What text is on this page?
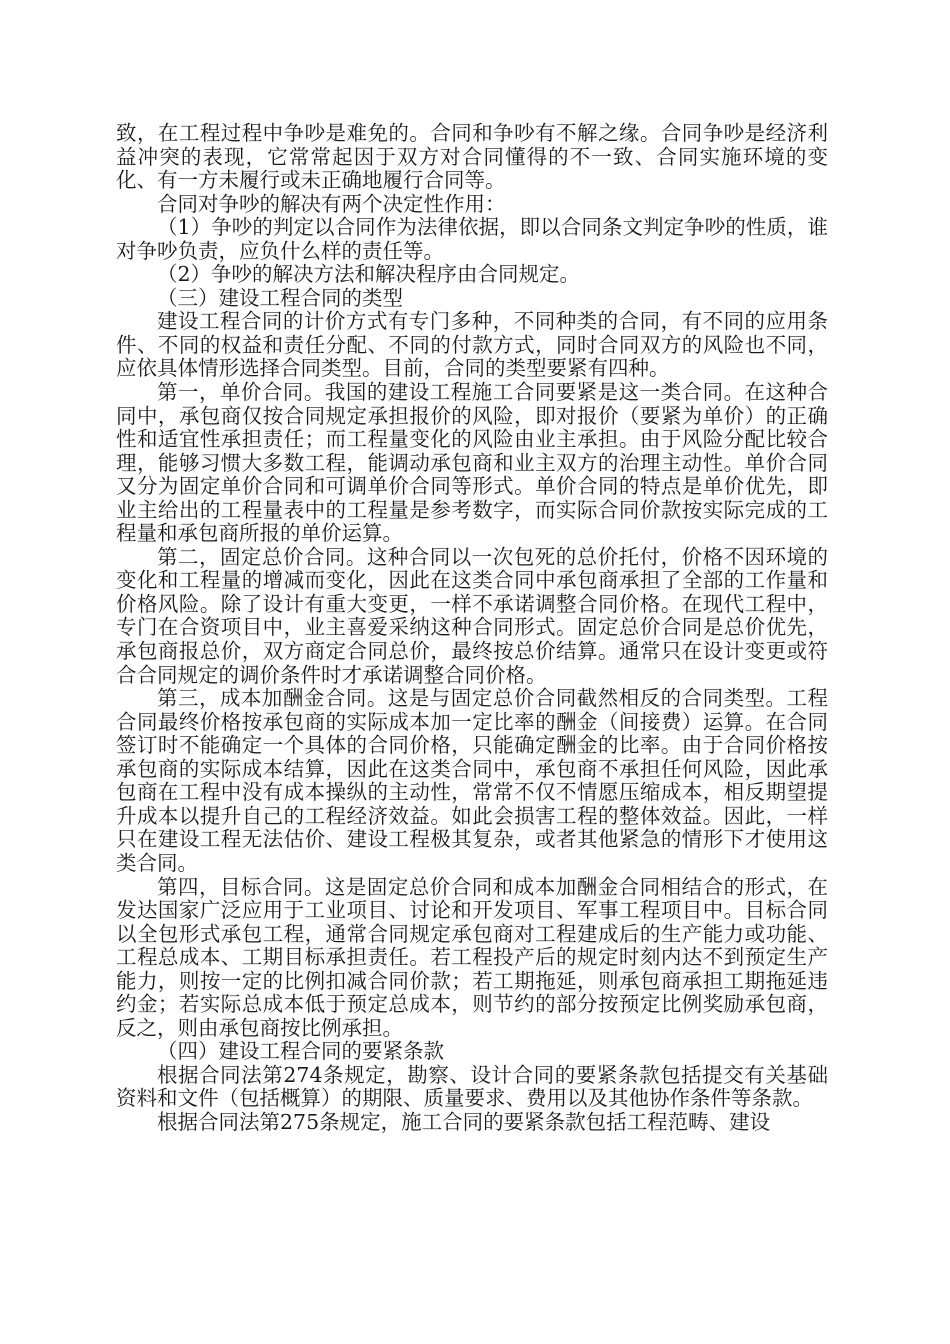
致，在工程过程中争吵是难免的。合同和争吵有不解之缘。合同争吵是经济利益冲突的表现，它常常起因于双方对合同懂得的不一致、合同实施环境的变化、有一方未履行或未正确地履行合同等。

合同对争吵的解决有两个决定性作用：

（1）争吵的判定以合同作为法律依据，即以合同条文判定争吵的性质，谁对争吵负责，应负什么样的责任等。

（2）争吵的解决方法和解决程序由合同规定。

（三）建设工程合同的类型

建设工程合同的计价方式有专门多种，不同种类的合同，有不同的应用条件、不同的权益和责任分配、不同的付款方式，同时合同双方的风险也不同，应依具体情形选择合同类型。目前，合同的类型要紧有四种。

第一，单价合同。我国的建设工程施工合同要紧是这一类合同。在这种合同中，承包商仅按合同规定承担报价的风险，即对报价（要紧为单价）的正确性和适宜性承担责任；而工程量变化的风险由业主承担。由于风险分配比较合理，能够习惯大多数工程，能调动承包商和业主双方的治理主动性。单价合同又分为固定单价合同和可调单价合同等形式。单价合同的特点是单价优先，即业主给出的工程量表中的工程量是参考数字，而实际合同价款按实际完成的工程量和承包商所报的单价运算。

第二，固定总价合同。这种合同以一次包死的总价托付，价格不因环境的变化和工程量的增减而变化，因此在这类合同中承包商承担了全部的工作量和价格风险。除了设计有重大变更，一样不承诺调整合同价格。在现代工程中，专门在合资项目中，业主喜爱采纳这种合同形式。固定总价合同是总价优先，承包商报总价，双方商定合同总价，最终按总价结算。通常只在设计变更或符合合同规定的调价条件时才承诺调整合同价格。

第三，成本加酬金合同。这是与固定总价合同截然相反的合同类型。工程合同最终价格按承包商的实际成本加一定比率的酬金（间接费）运算。在合同签订时不能确定一个具体的合同价格，只能确定酬金的比率。由于合同价格按承包商的实际成本结算，因此在这类合同中，承包商不承担任何风险，因此承包商在工程中没有成本操纵的主动性，常常不仅不情愿压缩成本，相反期望提升成本以提升自己的工程经济效益。如此会损害工程的整体效益。因此，一样只在建设工程无法估价、建设工程极其复杂，或者其他紧急的情形下才使用这类合同。

第四，目标合同。这是固定总价合同和成本加酬金合同相结合的形式，在发达国家广泛应用于工业项目、讨论和开发项目、军事工程项目中。目标合同以全包形式承包工程，通常合同规定承包商对工程建成后的生产能力或功能、工程总成本、工期目标承担责任。若工程投产后的规定时刻内达不到预定生产能力，则按一定的比例扣减合同价款；若工期拖延，则承包商承担工期拖延违约金；若实际总成本低于预定总成本，则节约的部分按预定比例奖励承包商，反之，则由承包商按比例承担。

（四）建设工程合同的要紧条款

根据合同法第274条规定，勘察、设计合同的要紧条款包括提交有关基础资料和文件（包括概算）的期限、质量要求、费用以及其他协作条件等条款。

根据合同法第275条规定，施工合同的要紧条款包括工程范畴、建设
